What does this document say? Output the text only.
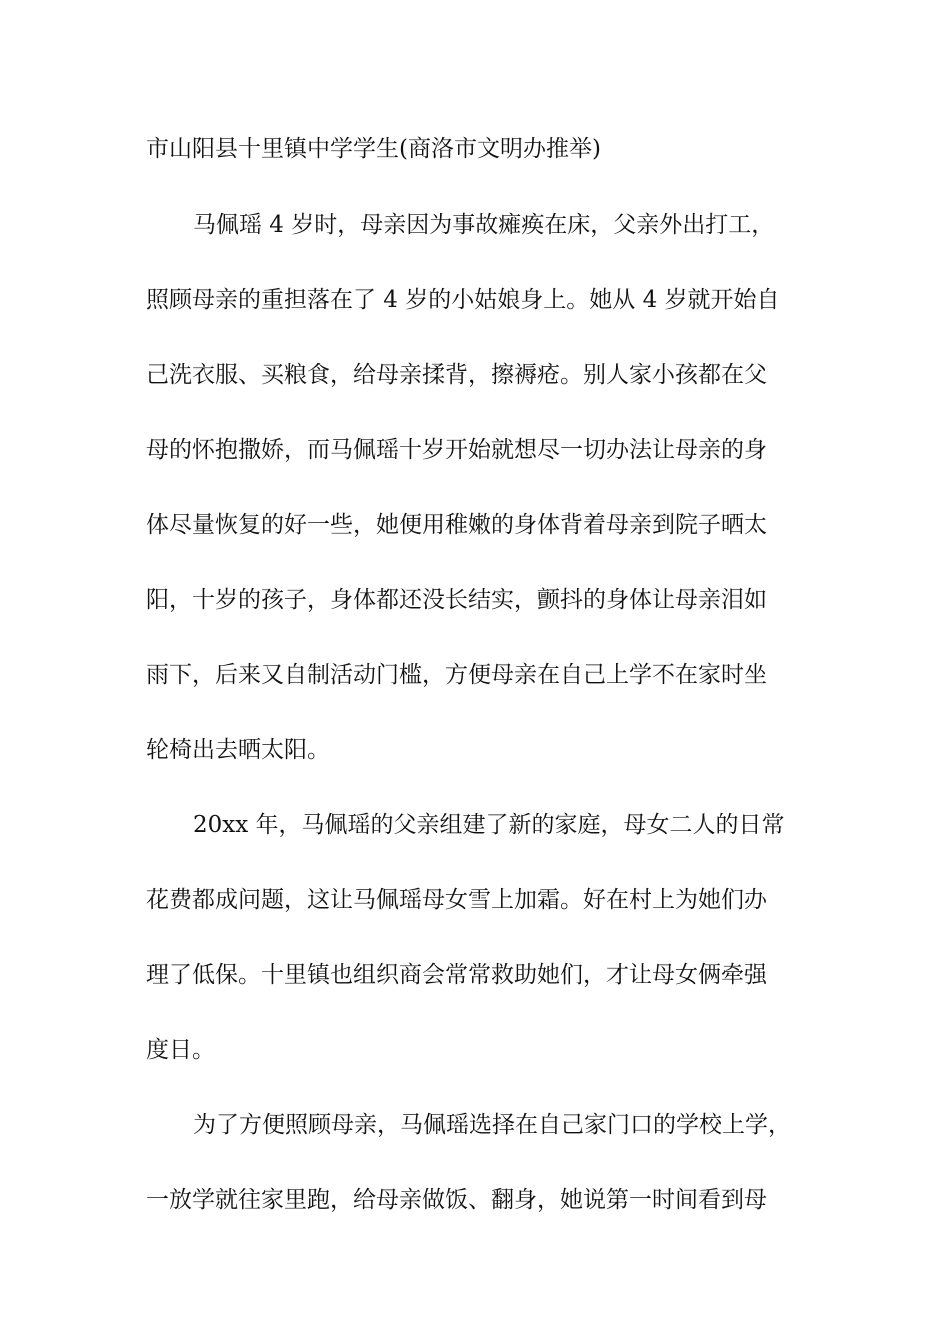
市山阳县十里镇中学学生(商洛市文明办推举)
马佩瑶 4 岁时，母亲因为事故瘫痪在床，父亲外出打工，
照顾母亲的重担落在了 4 岁的小姑娘身上。她从 4 岁就开始自
己洗衣服、买粮食，给母亲揉背，擦褥疮。别人家小孩都在父
母的怀抱撒娇，而马佩瑶十岁开始就想尽一切办法让母亲的身
体尽量恢复的好一些，她便用稚嫩的身体背着母亲到院子晒太
阳，十岁的孩子，身体都还没长结实，颤抖的身体让母亲泪如
雨下，后来又自制活动门槛，方便母亲在自己上学不在家时坐
轮椅出去晒太阳。
20xx 年，马佩瑶的父亲组建了新的家庭，母女二人的日常
花费都成问题，这让马佩瑶母女雪上加霜。好在村上为她们办
理了低保。十里镇也组织商会常常救助她们，才让母女俩牵强
度日。
为了方便照顾母亲，马佩瑶选择在自己家门口的学校上学，
一放学就往家里跑，给母亲做饭、翻身，她说第一时间看到母
